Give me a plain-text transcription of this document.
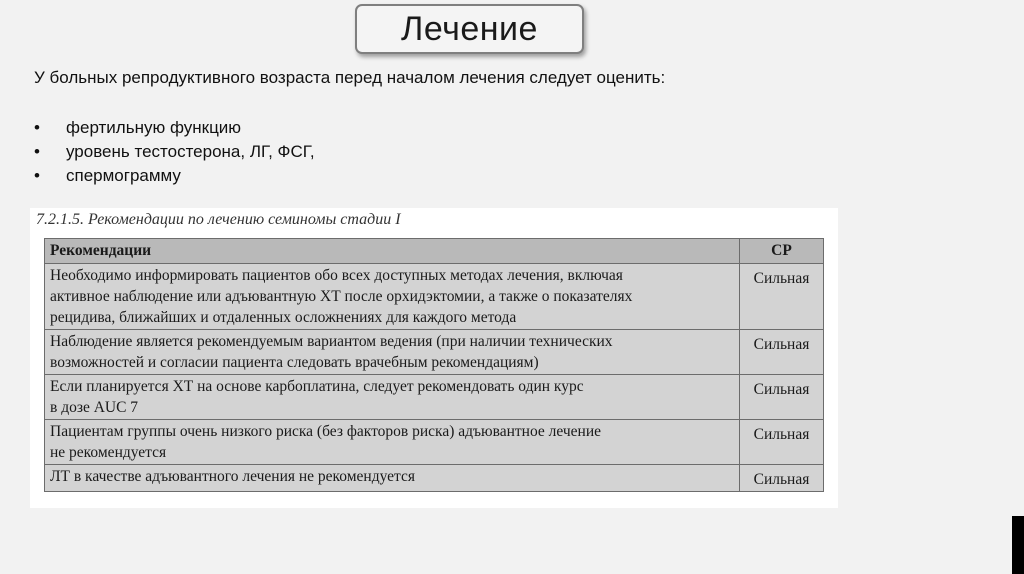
Лечение
У больных репродуктивного возраста перед началом лечения следует оценить:
•	фертильную функцию
•	уровень тестостерона, ЛГ, ФСГ,
•	спермограмму
7.2.1.5. Рекомендации по лечению семиномы стадии I
Рекомендации	СР

Необходимо информировать пациентов обо всех доступных методах лечения, включая
активное наблюдение или адъювантную ХТ после орхидэктомии, а также о показателях
рецидива, ближайших и отдаленных осложнениях для каждого метода	Сильная

Наблюдение является рекомендуемым вариантом ведения (при наличии технических
возможностей и согласии пациента следовать врачебным рекомендациям)	Сильная

Если планируется ХТ на основе карбоплатина, следует рекомендовать один курс
в дозе AUC 7	Сильная

Пациентам группы очень низкого риска (без факторов риска) адъювантное лечение
не рекомендуется	Сильная

ЛТ в качестве адъювантного лечения не рекомендуется	Сильная
